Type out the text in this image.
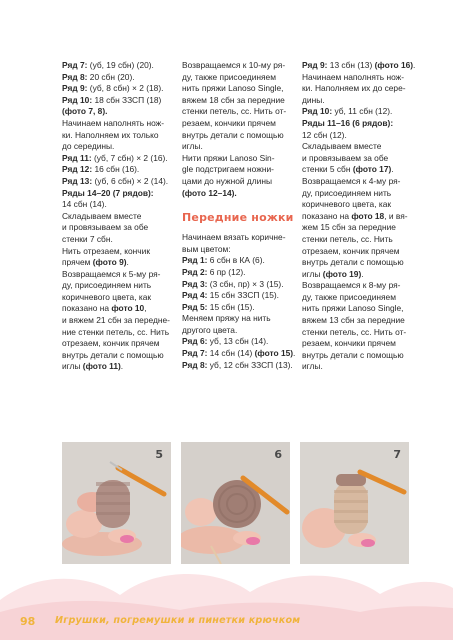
Ряд 7: (уб, 19 сбн) (20).

Ряд 8: 20 сбн (20).

Ряд 9: (уб, 8 сбн) × 2 (18).

Ряд 10: 18 сбн ЗЗСП (18)

(фото 7, 8).

Начинаем наполнять нож-

ки. Наполняем их только

до середины.

Ряд 11: (уб, 7 сбн) × 2 (16).

Ряд 12: 16 сбн (16).

Ряд 13: (уб, 6 сбн) × 2 (14).

Ряды 14–20 (7 рядов):

14 сбн (14).

Складываем вместе

и провязываем за обе

стенки 7 сбн.

Нить отрезаем, кончик

прячем (фото 9).

Возвращаемся к 5-му ря-

ду, присоединяем нить

коричневого цвета, как

показано на фото 10,

и вяжем 21 сбн за передне-

ние стенки петель, сс. Нить

отрезаем, кончик прячем

внутрь детали с помощью

иглы (фото 11).

Возвращаемся к 10-му ря-

ду, также присоединяем

нить пряжи Lanoso Single,

вяжем 18 сбн за передние

стенки петель, сс. Нить от-

резаем, кончики прячем

внутрь детали с помощью

иглы.

Нити пряжи Lanoso Sin-

gle подстригаем ножни-

цами до нужной длины

(фото 12–14).

Передние ножки

Начинаем вязать коричне-

вым цветом:

Ряд 1: 6 сбн в КА (6).

Ряд 2: 6 пр (12).

Ряд 3: (3 сбн, пр) × 3 (15).

Ряд 4: 15 сбн ЗЗСП (15).

Ряд 5: 15 сбн (15).

Меняем пряжу на нить

другого цвета.

Ряд 6: уб, 13 сбн (14).

Ряд 7: 14 сбн (14) (фото 15).

Ряд 8: уб, 12 сбн ЗЗСП (13).

Ряд 9: 13 сбн (13) (фото 16).

Начинаем наполнять нож-

ки. Наполняем их до сере-

дины.

Ряд 10: уб, 11 сбн (12).

Ряды 11–16 (6 рядов):

12 сбн (12).

Складываем вместе

и провязываем за обе

стенки 5 сбн (фото 17).

Возвращаемся к 4-му ря-

ду, присоединяем нить

коричневого цвета, как

показано на фото 18, и вя-

жем 15 сбн за передние

стенки петель, сс. Нить

отрезаем, кончик прячем

внутрь детали с помощью

иглы (фото 19).

Возвращаемся к 8-му ря-

ду, также присоединяем

нить пряжи Lanoso Single,

вяжем 13 сбн за передние

стенки петель, сс. Нить от-

резаем, кончики прячем

внутрь детали с помощью

иглы.

5	6	7
98 Игрушки, погремушки и пинетки крючком
